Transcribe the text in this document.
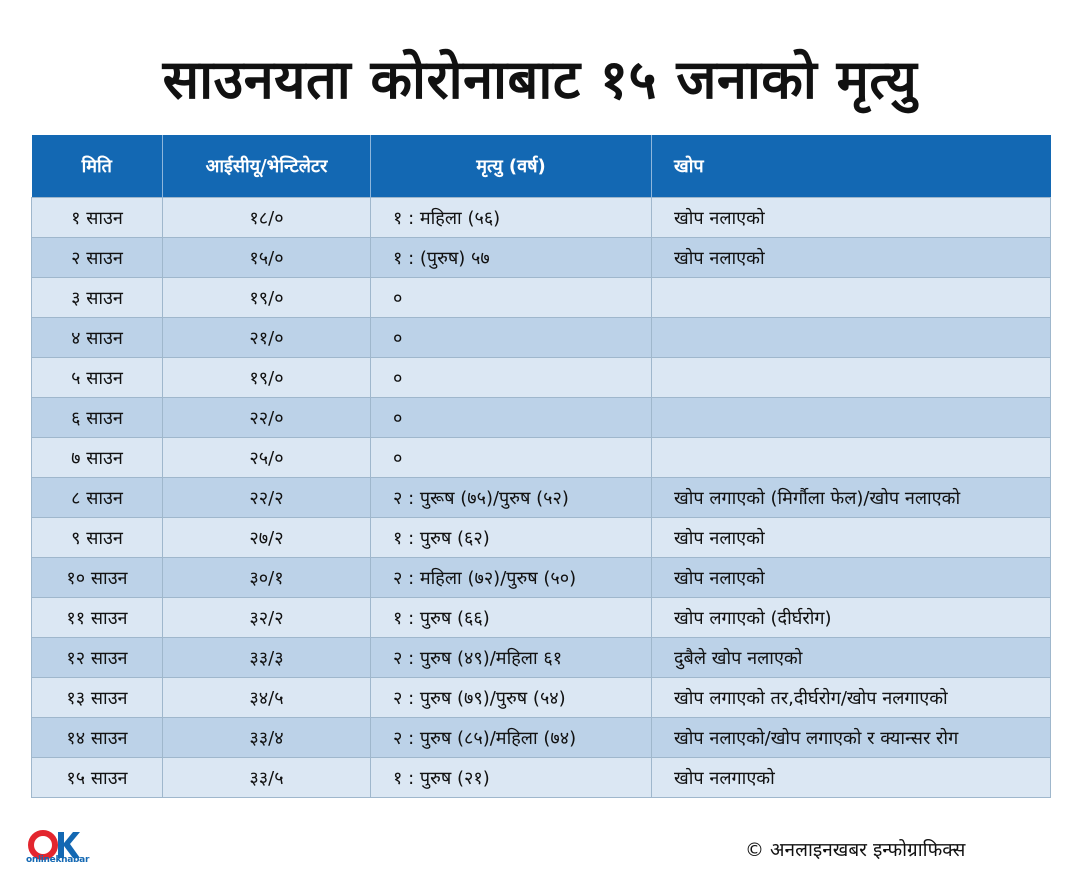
साउनयता कोरोनाबाट १५ जनाको मृत्यु
मिति	आईसीयू/भेन्टिलेटर	मृत्यु (वर्ष)	खोप
१ साउन	१८/०	१ : महिला (५६)	खोप नलाएको
२ साउन	१५/०	१ : (पुरुष) ५७	खोप नलाएको
३ साउन	१९/०	०	
४ साउन	२१/०	०	
५ साउन	१९/०	०	
६ साउन	२२/०	०	
७ साउन	२५/०	०	
८ साउन	२२/२	२ : पुरूष (७५)/पुरुष (५२)	खोप लगाएको (मिर्गौला फेल)/खोप नलाएको
९ साउन	२७/२	१ : पुरुष (६२)	खोप नलाएको
१० साउन	३०/१	२ : महिला (७२)/पुरुष (५०)	खोप नलाएको
११ साउन	३२/२	१ : पुरुष (६६)	खोप लगाएको (दीर्घरोग)
१२ साउन	३३/३	२ : पुरुष (४९)/महिला ६१	दुबैले खोप नलाएको
१३ साउन	३४/५	२ : पुरुष (७९)/पुरुष (५४)	खोप लगाएको तर,दीर्घरोग/खोप नलगाएको
१४ साउन	३३/४	२ : पुरुष (८५)/महिला (७४)	खोप नलाएको/खोप लगाएको र क्यान्सर रोग
१५ साउन	३३/५	१ : पुरुष (२१)	खोप नलगाएको
onlinekhabar	© अनलाइनखबर इन्फोग्राफिक्स
